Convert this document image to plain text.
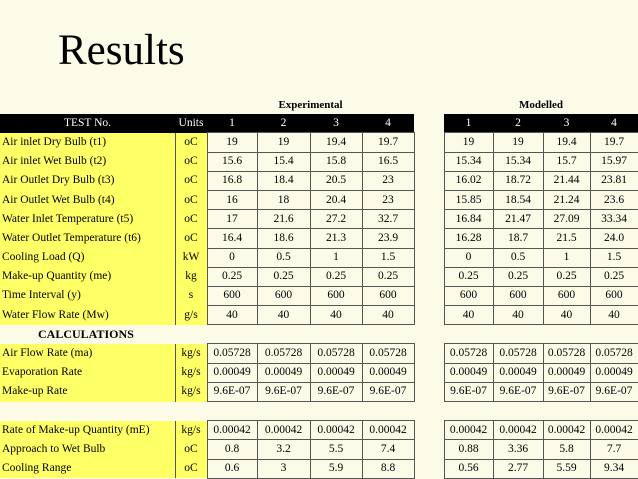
Results
		Experimental					Modelled			
TEST No.	Units	1	2	3	4		1	2	3	4
Air inlet Dry Bulb (t1)	oC	19	19	19.4	19.7		19	19	19.4	19.7
Air inlet Wet Bulb (t2)	oC	15.6	15.4	15.8	16.5		15.34	15.34	15.7	15.97
Air Outlet Dry Bulb (t3)	oC	16.8	18.4	20.5	23		16.02	18.72	21.44	23.81
Air Outlet Wet Bulb (t4)	oC	16	18	20.4	23		15.85	18.54	21.24	23.6
Water Inlet Temperature (t5)	oC	17	21.6	27.2	32.7		16.84	21.47	27.09	33.34
Water Outlet Temperature (t6)	oC	16.4	18.6	21.3	23.9		16.28	18.7	21.5	24.0
Cooling Load (Q)	kW	0	0.5	1	1.5		0	0.5	1	1.5
Make-up Quantity (me)	kg	0.25	0.25	0.25	0.25		0.25	0.25	0.25	0.25
Time Interval (y)	s	600	600	600	600		600	600	600	600
Water Flow Rate (Mw)	g/s	40	40	40	40		40	40	40	40
CALCULATIONS										
Air Flow Rate (ma)	kg/s	0.05728	0.05728	0.05728	0.05728		0.05728	0.05728	0.05728	0.05728
Evaporation Rate	kg/s	0.00049	0.00049	0.00049	0.00049		0.00049	0.00049	0.00049	0.00049
Make-up Rate	kg/s	9.6E-07	9.6E-07	9.6E-07	9.6E-07		9.6E-07	9.6E-07	9.6E-07	9.6E-07

Rate of Make-up Quantity (mE)	kg/s	0.00042	0.00042	0.00042	0.00042		0.00042	0.00042	0.00042	0.00042
Approach to Wet Bulb	oC	0.8	3.2	5.5	7.4		0.88	3.36	5.8	7.7
Cooling Range	oC	0.6	3	5.9	8.8		0.56	2.77	5.59	9.34
